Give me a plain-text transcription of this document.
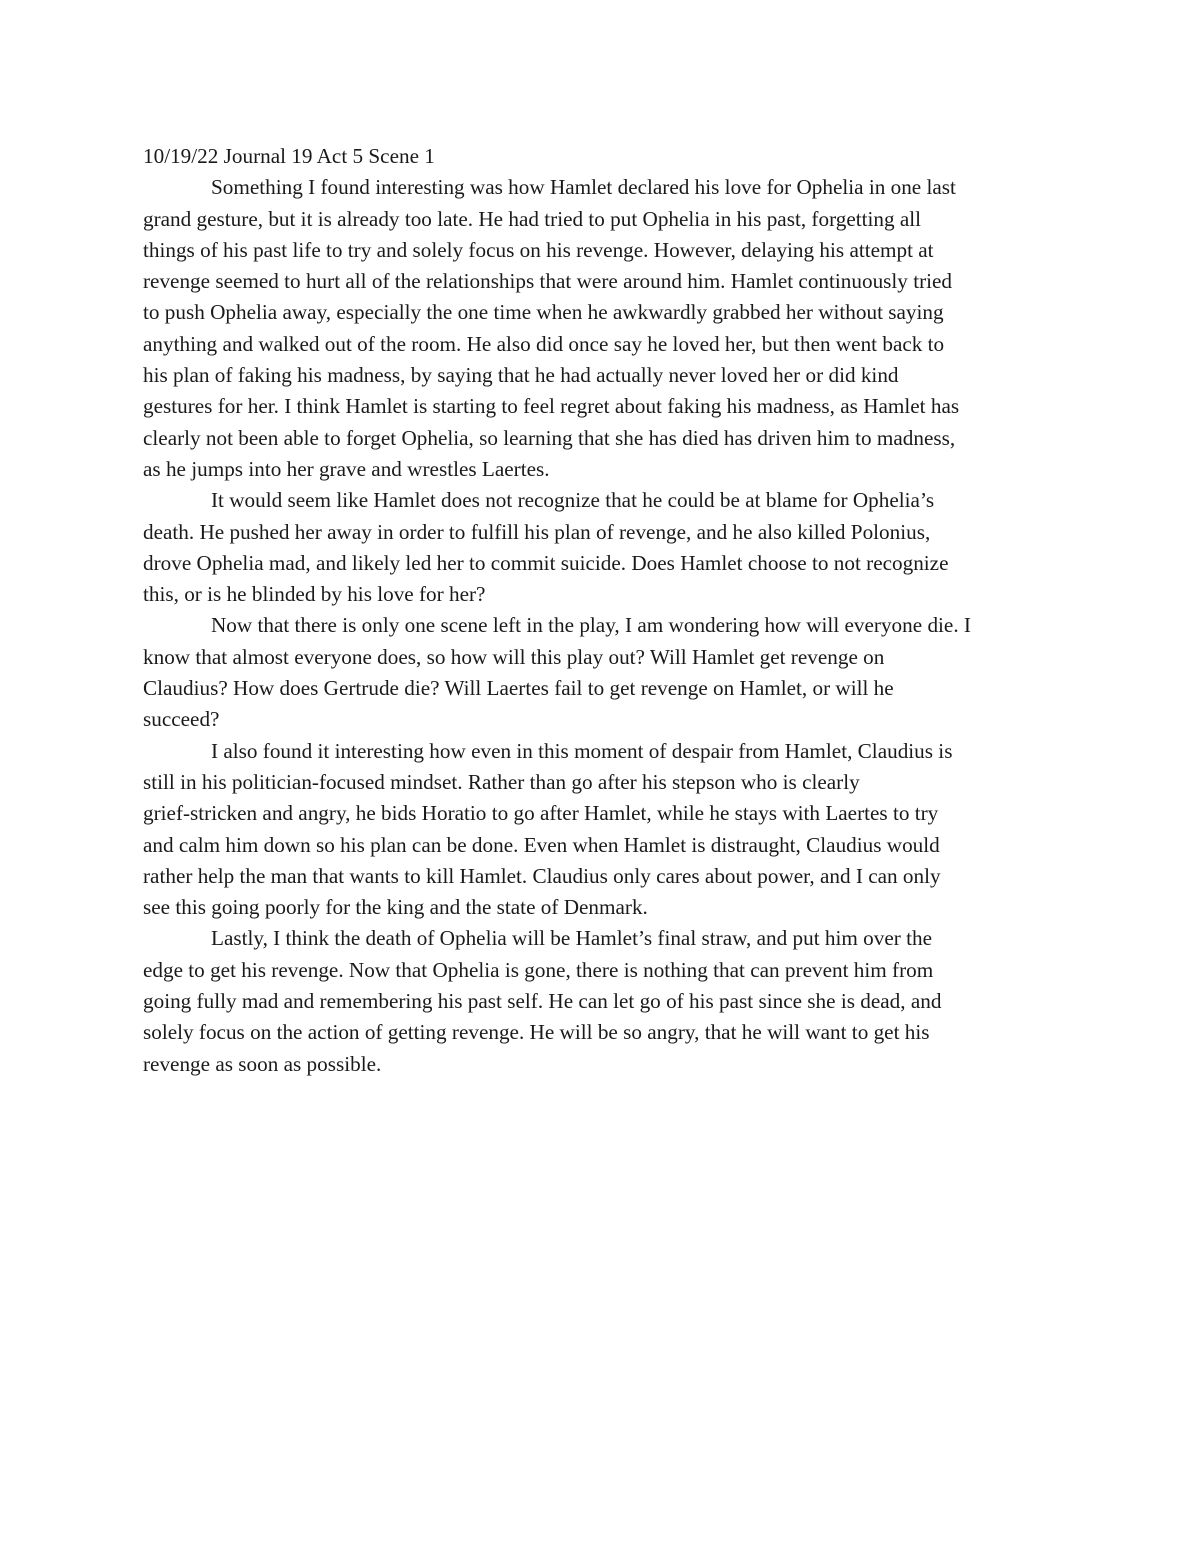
10/19/22 Journal 19 Act 5 Scene 1

Something I found interesting was how Hamlet declared his love for Ophelia in one last
grand gesture, but it is already too late. He had tried to put Ophelia in his past, forgetting all
things of his past life to try and solely focus on his revenge. However, delaying his attempt at
revenge seemed to hurt all of the relationships that were around him. Hamlet continuously tried
to push Ophelia away, especially the one time when he awkwardly grabbed her without saying
anything and walked out of the room. He also did once say he loved her, but then went back to
his plan of faking his madness, by saying that he had actually never loved her or did kind
gestures for her. I think Hamlet is starting to feel regret about faking his madness, as Hamlet has
clearly not been able to forget Ophelia, so learning that she has died has driven him to madness,
as he jumps into her grave and wrestles Laertes.

It would seem like Hamlet does not recognize that he could be at blame for Ophelia’s
death. He pushed her away in order to fulfill his plan of revenge, and he also killed Polonius,
drove Ophelia mad, and likely led her to commit suicide. Does Hamlet choose to not recognize
this, or is he blinded by his love for her?

Now that there is only one scene left in the play, I am wondering how will everyone die. I
know that almost everyone does, so how will this play out? Will Hamlet get revenge on
Claudius? How does Gertrude die? Will Laertes fail to get revenge on Hamlet, or will he
succeed?

I also found it interesting how even in this moment of despair from Hamlet, Claudius is
still in his politician-focused mindset. Rather than go after his stepson who is clearly
grief-stricken and angry, he bids Horatio to go after Hamlet, while he stays with Laertes to try
and calm him down so his plan can be done. Even when Hamlet is distraught, Claudius would
rather help the man that wants to kill Hamlet. Claudius only cares about power, and I can only
see this going poorly for the king and the state of Denmark.

Lastly, I think the death of Ophelia will be Hamlet’s final straw, and put him over the
edge to get his revenge. Now that Ophelia is gone, there is nothing that can prevent him from
going fully mad and remembering his past self. He can let go of his past since she is dead, and
solely focus on the action of getting revenge. He will be so angry, that he will want to get his
revenge as soon as possible.
